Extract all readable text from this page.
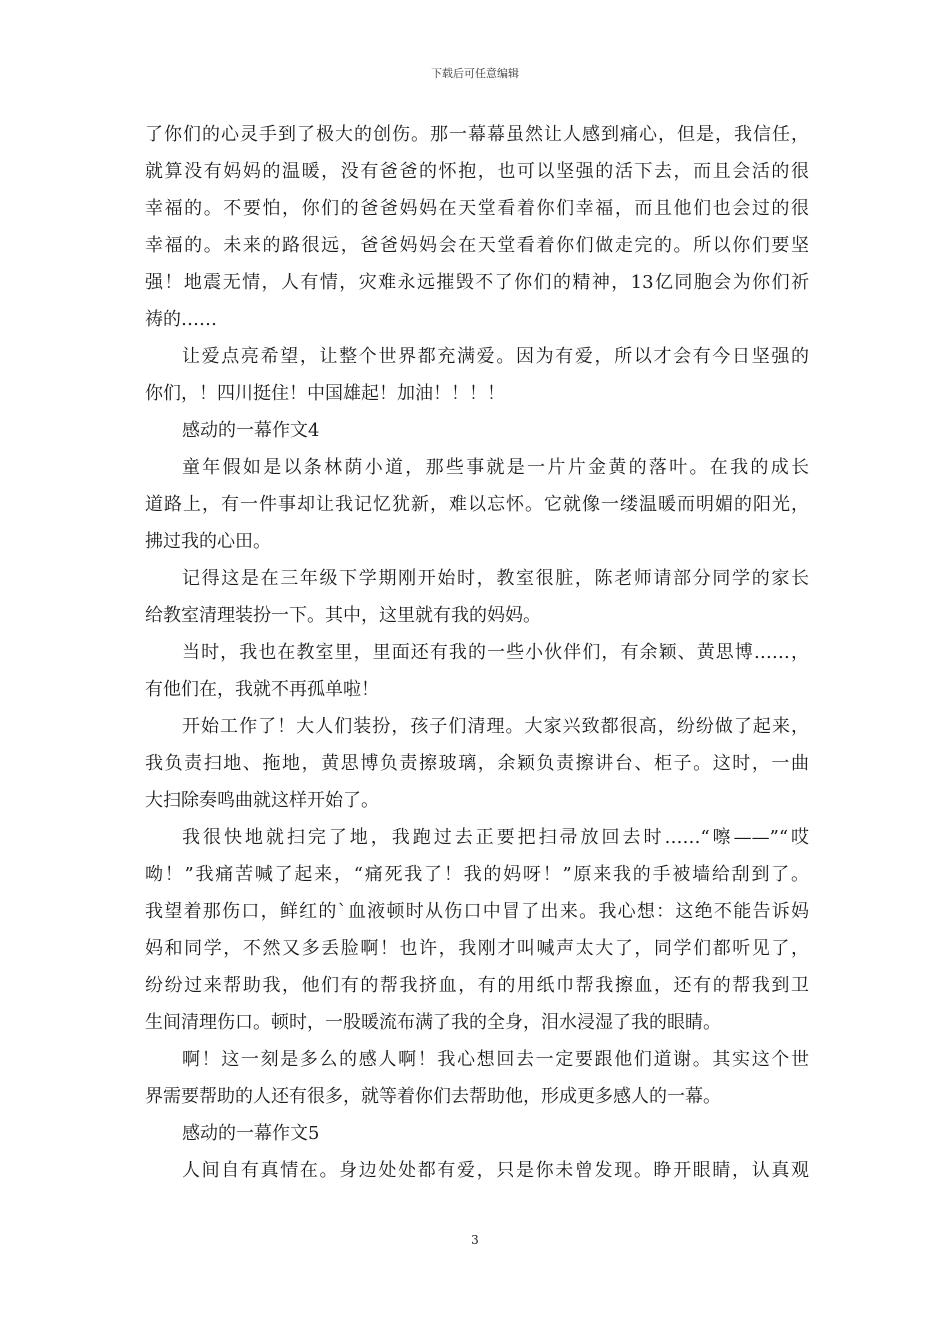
下载后可任意编辑
了你们的心灵手到了极大的创伤。那一幕幕虽然让人感到痛心，但是，我信任，
就算没有妈妈的温暖，没有爸爸的怀抱，也可以坚强的活下去，而且会活的很
幸福的。不要怕，你们的爸爸妈妈在天堂看着你们幸福，而且他们也会过的很
幸福的。未来的路很远，爸爸妈妈会在天堂看着你们做走完的。所以你们要坚
强！地震无情，人有情，灾难永远摧毁不了你们的精神，13亿同胞会为你们祈
祷的……
让爱点亮希望，让整个世界都充满爱。因为有爱，所以才会有今日坚强的
你们，！四川挺住！中国雄起！加油！！！！
感动的一幕作文4
童年假如是以条林荫小道，那些事就是一片片金黄的落叶。在我的成长
道路上，有一件事却让我记忆犹新，难以忘怀。它就像一缕温暖而明媚的阳光，
拂过我的心田。
记得这是在三年级下学期刚开始时，教室很脏，陈老师请部分同学的家长
给教室清理装扮一下。其中，这里就有我的妈妈。
当时，我也在教室里，里面还有我的一些小伙伴们，有余颖、黄思博……，
有他们在，我就不再孤单啦！
开始工作了！大人们装扮，孩子们清理。大家兴致都很高，纷纷做了起来，
我负责扫地、拖地，黄思博负责擦玻璃，余颖负责擦讲台、柜子。这时，一曲
大扫除奏鸣曲就这样开始了。
我很快地就扫完了地，我跑过去正要把扫帚放回去时……“嚓——”“哎
呦！”我痛苦喊了起来，“痛死我了！我的妈呀！”原来我的手被墙给刮到了。
我望着那伤口，鲜红的`血液顿时从伤口中冒了出来。我心想：这绝不能告诉妈
妈和同学，不然又多丢脸啊！也许，我刚才叫喊声太大了，同学们都听见了，
纷纷过来帮助我，他们有的帮我挤血，有的用纸巾帮我擦血，还有的帮我到卫
生间清理伤口。顿时，一股暖流布满了我的全身，泪水浸湿了我的眼睛。
啊！这一刻是多么的感人啊！我心想回去一定要跟他们道谢。其实这个世
界需要帮助的人还有很多，就等着你们去帮助他，形成更多感人的一幕。
感动的一幕作文5
人间自有真情在。身边处处都有爱，只是你未曾发现。睁开眼睛，认真观
3
